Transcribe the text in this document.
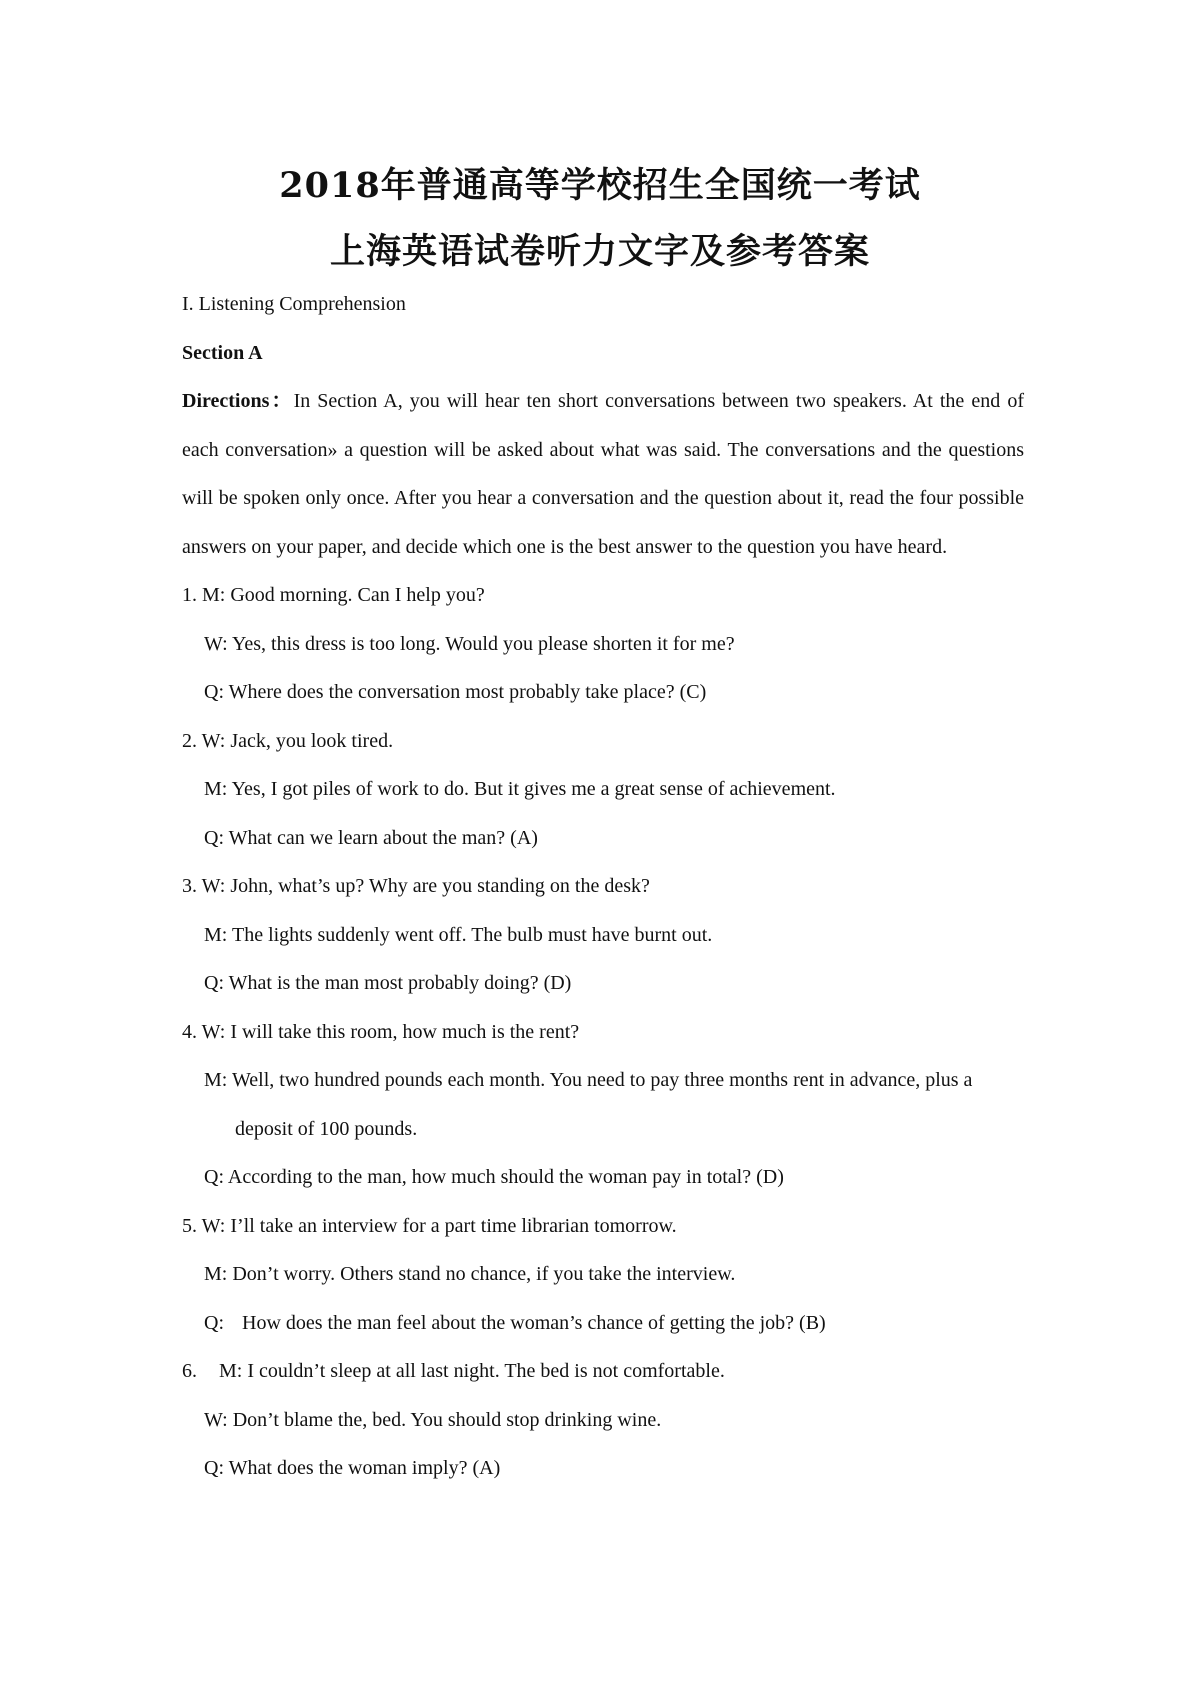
2018年普通高等学校招生全国统一考试
上海英语试卷听力文字及参考答案

I. Listening Comprehension

Section A

Directions：In Section A, you will hear ten short conversations between two speakers. At the end of each conversation» a question will be asked about what was said. The conversations and the questions will be spoken only once. After you hear a conversation and the question about it, read the four possible answers on your paper, and decide which one is the best answer to the question you have heard.

1. M: Good morning. Can I help you?

W: Yes, this dress is too long. Would you please shorten it for me?

Q: Where does the conversation most probably take place? (C)

2. W: Jack, you look tired.

M: Yes, I got piles of work to do. But it gives me a great sense of achievement.

Q: What can we learn about the man? (A)

3. W: John, what’s up? Why are you standing on the desk?

M: The lights suddenly went off. The bulb must have burnt out.

Q: What is the man most probably doing? (D)

4. W: I will take this room, how much is the rent?

M: Well, two hundred pounds each month. You need to pay three months rent in advance, plus a

deposit of 100 pounds.

Q: According to the man, how much should the woman pay in total? (D)

5. W: I’ll take an interview for a part time librarian tomorrow.

M: Don’t worry. Others stand no chance, if you take the interview.

Q: How does the man feel about the woman’s chance of getting the job? (B)

6. M: I couldn’t sleep at all last night. The bed is not comfortable.

W: Don’t blame the, bed. You should stop drinking wine.

Q: What does the woman imply? (A)
